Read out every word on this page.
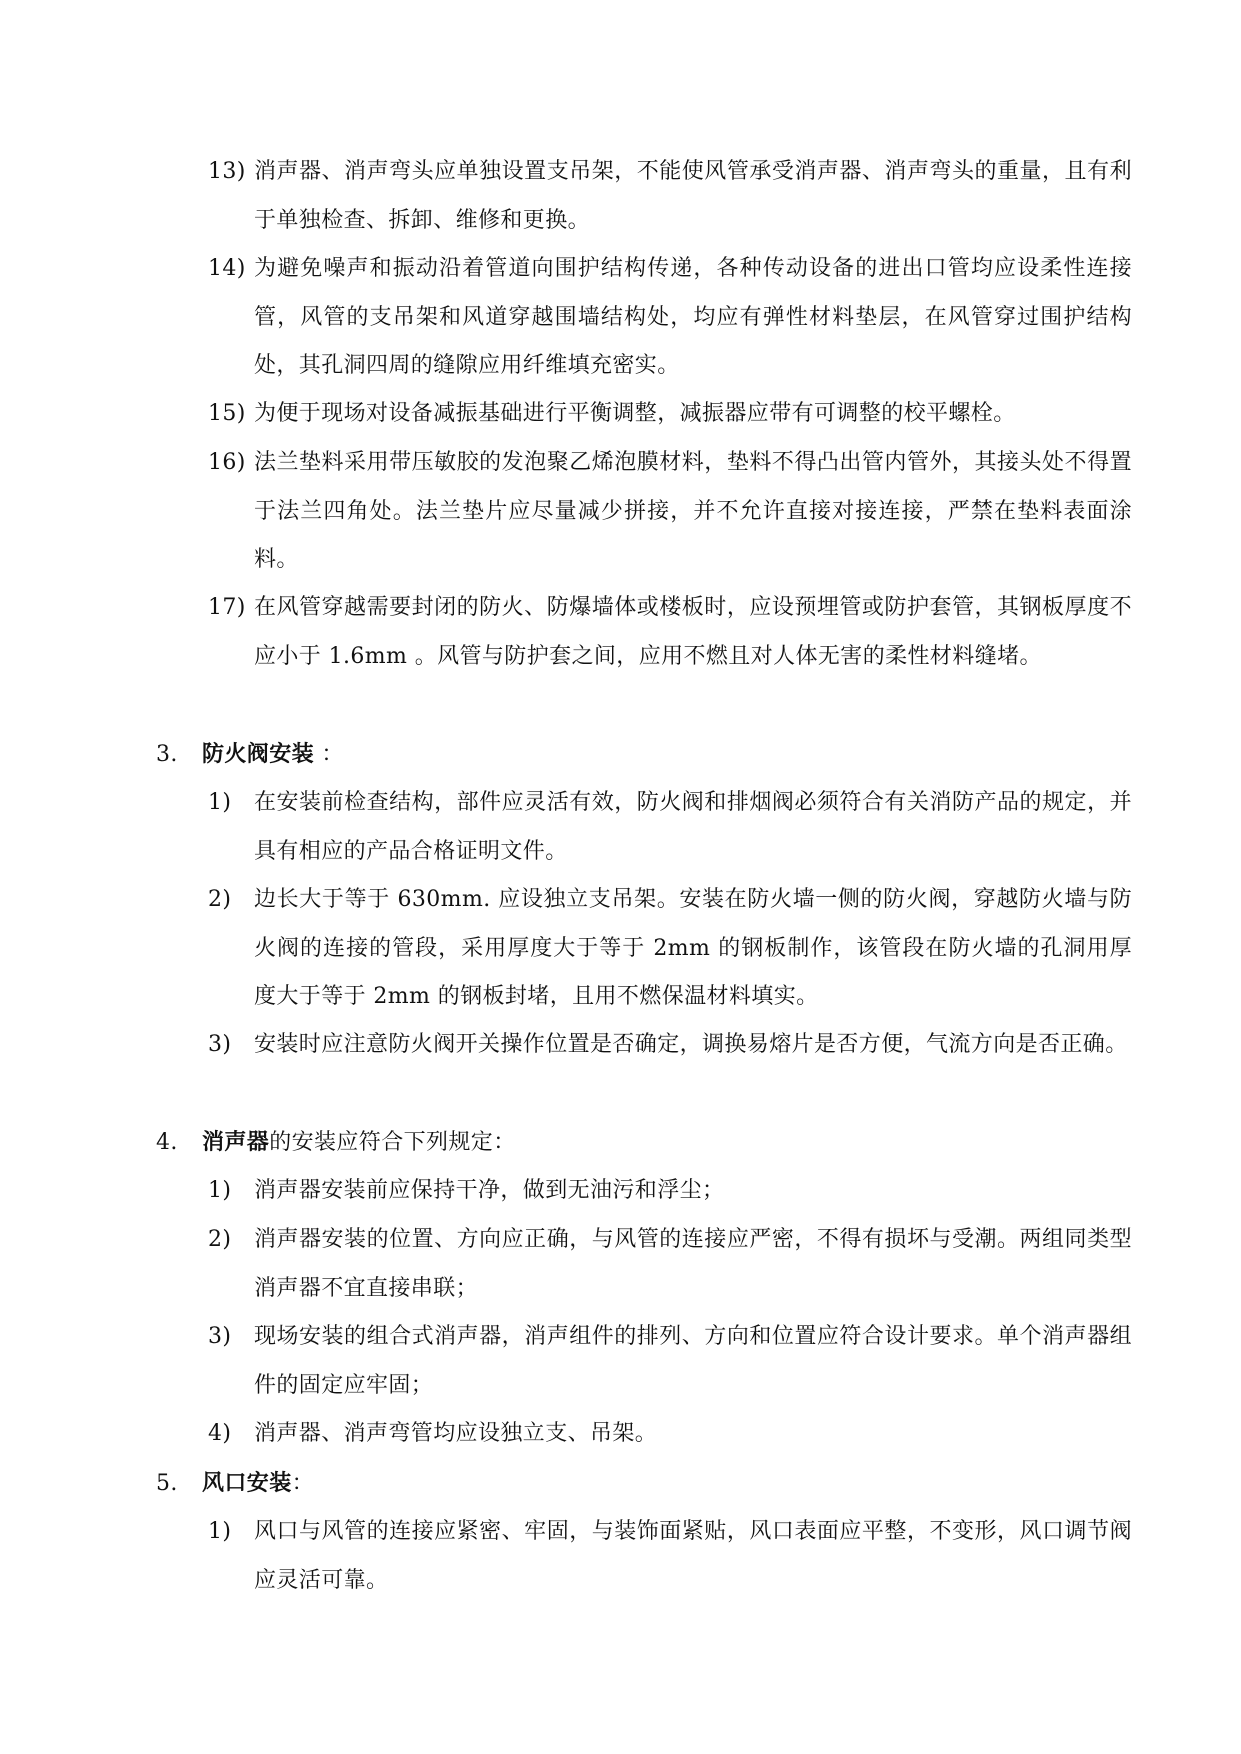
13) 消声器、消声弯头应单独设置支吊架，不能使风管承受消声器、消声弯头的重量，且有利于单独检查、拆卸、维修和更换。
14) 为避免噪声和振动沿着管道向围护结构传递，各种传动设备的进出口管均应设柔性连接管，风管的支吊架和风道穿越围墙结构处，均应有弹性材料垫层，在风管穿过围护结构处，其孔洞四周的缝隙应用纤维填充密实。
15) 为便于现场对设备减振基础进行平衡调整，减振器应带有可调整的校平螺栓。
16) 法兰垫料采用带压敏胶的发泡聚乙烯泡膜材料，垫料不得凸出管内管外，其接头处不得置于法兰四角处。法兰垫片应尽量减少拼接，并不允许直接对接连接，严禁在垫料表面涂料。
17) 在风管穿越需要封闭的防火、防爆墙体或楼板时，应设预埋管或防护套管，其钢板厚度不应小于 1.6mm 。风管与防护套之间，应用不燃且对人体无害的柔性材料缝堵。
3. 防火阀安装 ：
1) 在安装前检查结构，部件应灵活有效，防火阀和排烟阀必须符合有关消防产品的规定，并具有相应的产品合格证明文件。
2) 边长大于等于 630mm. 应设独立支吊架。安装在防火墙一侧的防火阀，穿越防火墙与防火阀的连接的管段，采用厚度大于等于 2mm 的钢板制作，该管段在防火墙的孔洞用厚度大于等于 2mm 的钢板封堵，且用不燃保温材料填实。
3) 安装时应注意防火阀开关操作位置是否确定，调换易熔片是否方便，气流方向是否正确。
4. 消声器的安装应符合下列规定：
1) 消声器安装前应保持干净，做到无油污和浮尘；
2) 消声器安装的位置、方向应正确，与风管的连接应严密，不得有损坏与受潮。两组同类型消声器不宜直接串联；
3) 现场安装的组合式消声器，消声组件的排列、方向和位置应符合设计要求。单个消声器组件的固定应牢固；
4) 消声器、消声弯管均应设独立支、吊架。
5. 风口安装：
1) 风口与风管的连接应紧密、牢固，与装饰面紧贴，风口表面应平整，不变形，风口调节阀应灵活可靠。
